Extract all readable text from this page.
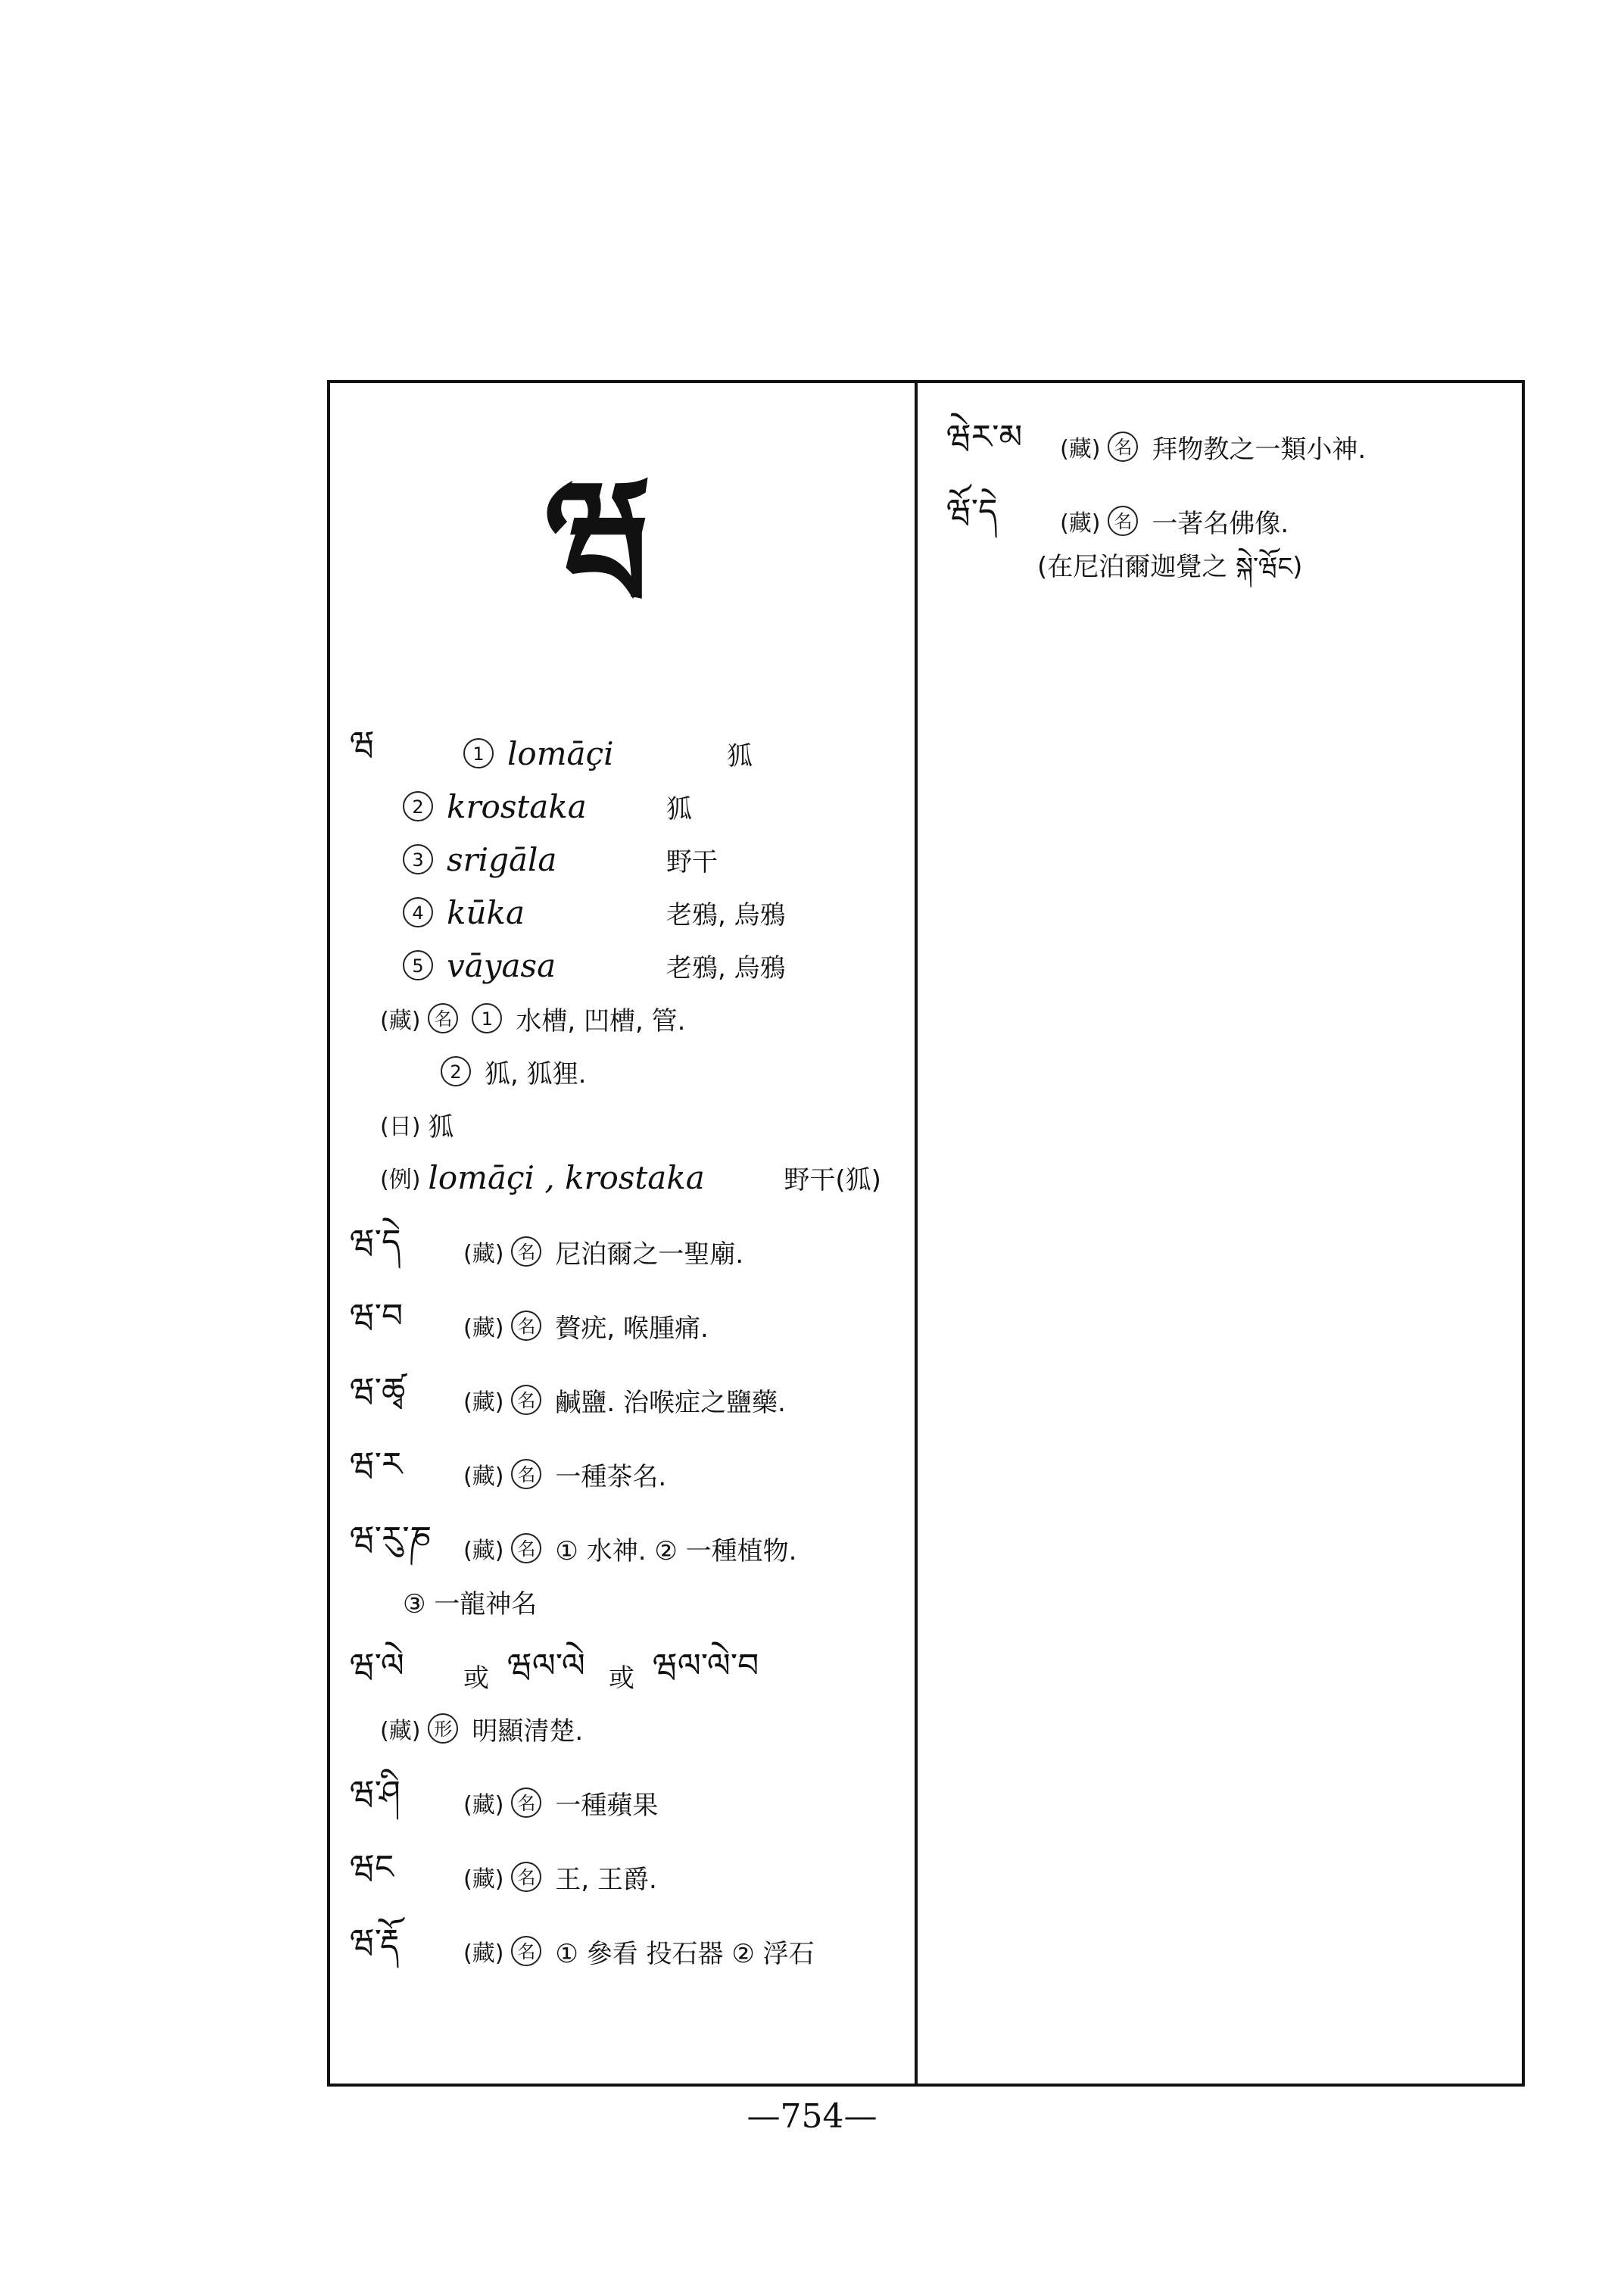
ཝ
ཝ	1 lomāçi	狐
2 krostaka	狐
3 srigāla	野干
4 kūka	老鴉, 烏鴉
5 vāyasa	老鴉, 烏鴉
(藏) 名	1 水槽, 凹槽, 管.
2 狐, 狐狸.
(日) 狐
(例) lomāçi , krostaka	野干(狐)
ཝ་དེ	(藏) 名 尼泊爾之一聖廟.
ཝ་བ	(藏) 名 贅疣, 喉腫痛.
ཝ་ཚྭ	(藏) 名 鹹鹽. 治喉症之鹽藥.
ཝ་ར	(藏) 名 一種茶名.
ཝ་རུ་ཎ (藏) 名 ① 水神. ② 一種植物.
③ 一龍神名
ཝ་ལེ	或 ཝལ་ལེ 或 ཝལ་ལེ་བ
(藏) 形 明顯清楚.
ཝ་ཤི	(藏) 名 一種蘋果
ཝང	(藏) 名 王, 王爵.
ཝ་རྡོ	(藏) 名 ① 參看 投石器 ② 浮石
ཝེར་མ	(藏) 名 拜物教之一類小神.
ཝོ་དེ	(藏) 名 一著名佛像.
(在尼泊爾迦覺之 སྐེ་ཝོང)
—754—
